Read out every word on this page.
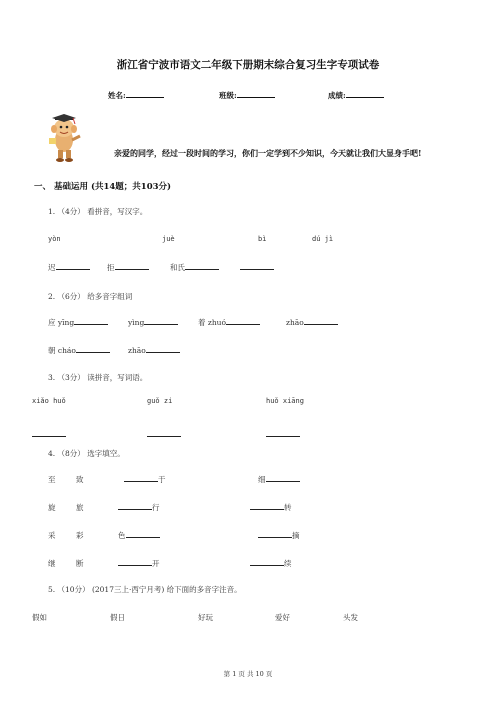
浙江省宁波市语文二年级下册期末综合复习生字专项试卷
姓名:	班级:	成绩:
亲爱的同学，经过一段时间的学习，你们一定学到不少知识，今天就让我们大显身手吧!
一、 基础运用 (共14题；共103分)
1. （4分） 看拼音，写汉字。
yòn	juè	bì	dú jì
迟	拒	和氏
2. （6分） 给多音字组词
应 yīng	yìng	着 zhuó	zhāo
朝 cháo	zhāo
3. （3分） 读拼音，写词语。
xiǎo huǒ	guǒ zi	huǒ xiāng
4. （8分） 选字填空。
至	致	于	细
旋	旅	行	转
采	彩	色	摘
继	断	开	续
5. （10分） (2017三上·西宁月考) 给下面的多音字注音。
假如	假日	好玩	爱好	头发
第 1 页 共 10 页
